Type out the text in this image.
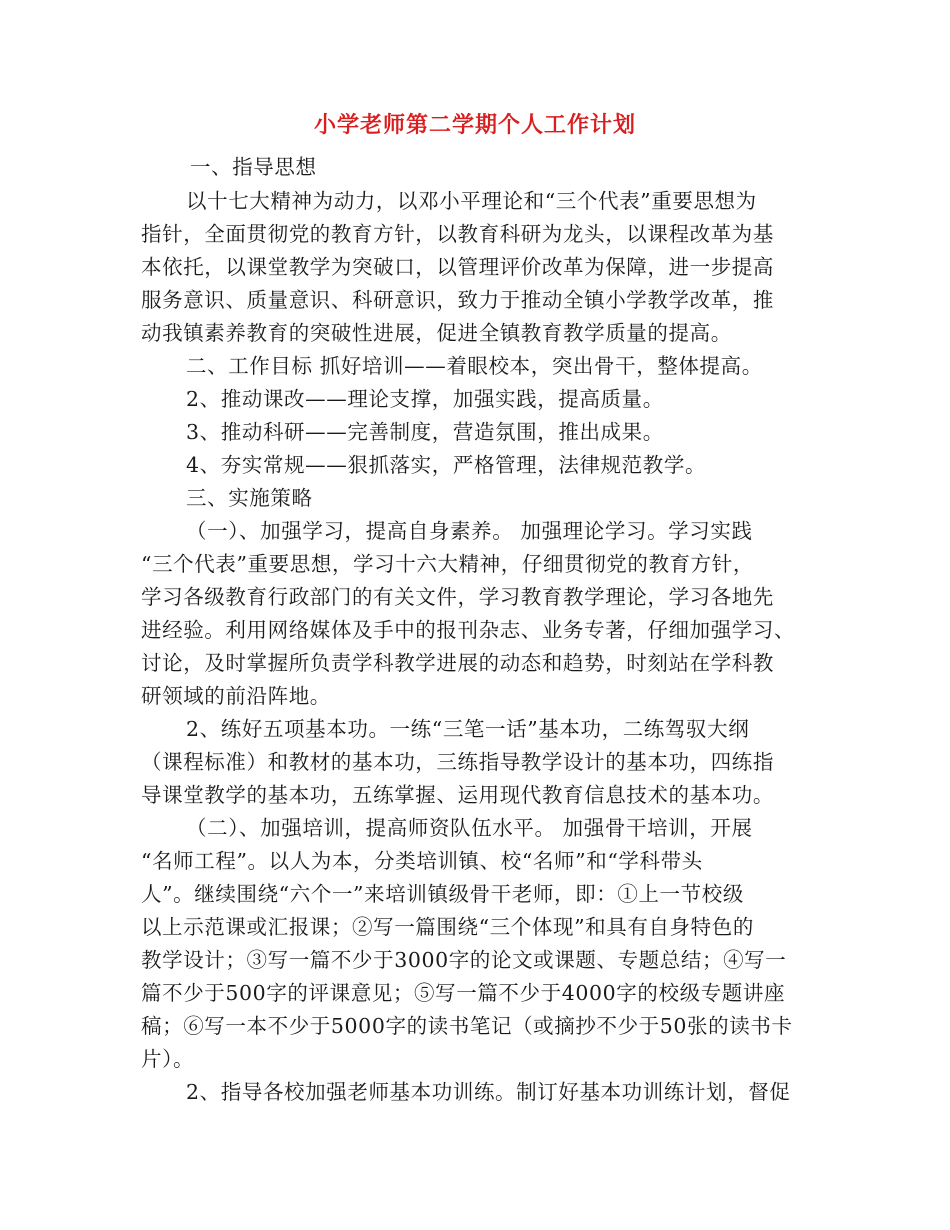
小学老师第二学期个人工作计划
一、指导思想
以十七大精神为动力，以邓小平理论和“三个代表”重要思想为
指针，全面贯彻党的教育方针，以教育科研为龙头，以课程改革为基
本依托，以课堂教学为突破口，以管理评价改革为保障，进一步提高
服务意识、质量意识、科研意识，致力于推动全镇小学教学改革，推
动我镇素养教育的突破性进展，促进全镇教育教学质量的提高。
二、工作目标 抓好培训——着眼校本，突出骨干，整体提高。
2、推动课改——理论支撑，加强实践，提高质量。
3、推动科研——完善制度，营造氛围，推出成果。
4、夯实常规——狠抓落实，严格管理，法律规范教学。
三、实施策略
（一）、加强学习，提高自身素养。 加强理论学习。学习实践
“三个代表”重要思想，学习十六大精神，仔细贯彻党的教育方针，
学习各级教育行政部门的有关文件，学习教育教学理论，学习各地先
进经验。利用网络媒体及手中的报刊杂志、业务专著，仔细加强学习、
讨论，及时掌握所负责学科教学进展的动态和趋势，时刻站在学科教
研领域的前沿阵地。
2、练好五项基本功。一练“三笔一话”基本功，二练驾驭大纲
（课程标准）和教材的基本功，三练指导教学设计的基本功，四练指
导课堂教学的基本功，五练掌握、运用现代教育信息技术的基本功。
（二）、加强培训，提高师资队伍水平。 加强骨干培训，开展
“名师工程”。以人为本，分类培训镇、校“名师”和“学科带头
人”。继续围绕“六个一”来培训镇级骨干老师，即：①上一节校级
以上示范课或汇报课；②写一篇围绕“三个体现”和具有自身特色的
教学设计；③写一篇不少于3000字的论文或课题、专题总结；④写一
篇不少于500字的评课意见；⑤写一篇不少于4000字的校级专题讲座
稿；⑥写一本不少于5000字的读书笔记（或摘抄不少于50张的读书卡
片）。
2、指导各校加强老师基本功训练。制订好基本功训练计划，督促
